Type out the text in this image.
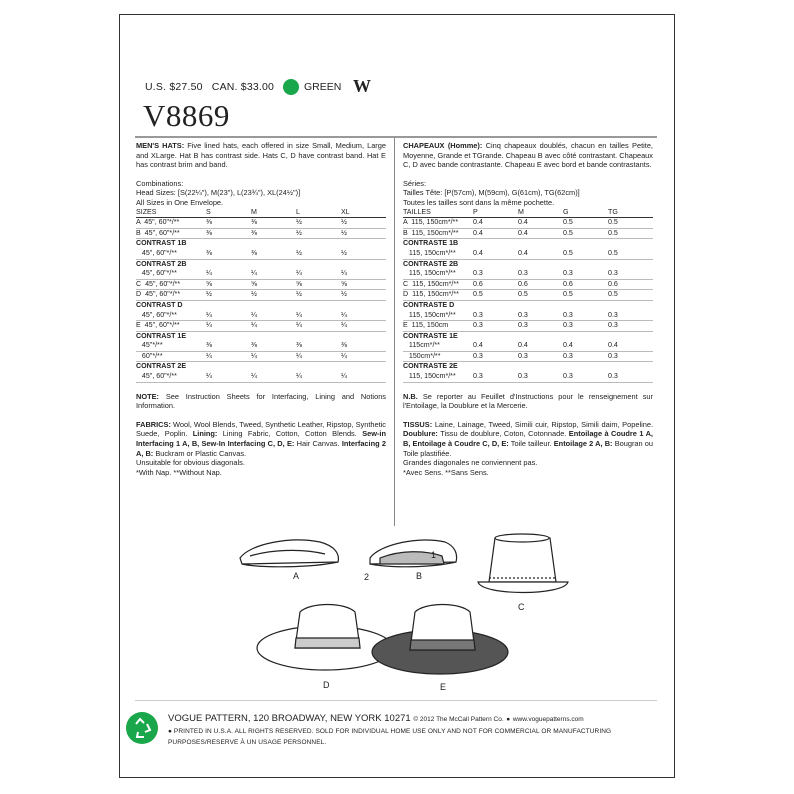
U.S. $27.50 CAN. $33.00	GREEN W
V8869

MEN'S HATS: Five lined hats, each offered in size Small, Medium, Large and XLarge. Hat B has contrast side. Hats C, D have contrast band. Hat E has contrast brim and band.

Combinations:

Head Sizes: [S(22¼"), M(23"), L(23¾"), XL(24½")]

All Sizes in One Envelope.

SIZES	S	M	L	XL
A  45", 60"*/**	⅜	⅜	½	½
B  45", 60"*/**	⅜	⅜	½	½
CONTRAST 1B				
45", 60"*/**	⅜	⅜	½	½
CONTRAST 2B				
45", 60"*/**	¼	¼	¼	¼
C  45", 60"*/**	⅝	⅝	⅝	⅝
D  45", 60"*/**	½	½	½	½
CONTRAST D				
45", 60"*/**	¼	¼	¼	¼
E  45", 60"*/**	¼	¼	¼	¼
CONTRAST 1E				
45"*/**	⅜	⅜	⅜	⅜
60"*/**	¼	¼	¼	¼
CONTRAST 2E				
45", 60"*/**	¼	¼	¼	¼

NOTE: See Instruction Sheets for Interfacing, Lining and Notions Information.

FABRICS: Wool, Wool Blends, Tweed, Synthetic Leather, Ripstop, Synthetic Suede, Poplin. Lining: Lining Fabric, Cotton, Cotton Blends. Sew-in Interfacing 1 A, B, Sew-In Interfacing C, D, E: Hair Canvas. Interfacing 2 A, B: Buckram or Plastic Canvas.

Unsuitable for obvious diagonals.

*With Nap. **Without Nap.

CHAPEAUX (Homme): Cinq chapeaux doublés, chacun en tailles Petite, Moyenne, Grande et TGrande. Chapeau B avec côté contrastant. Chapeaux C, D avec bande contrastante. Chapeau E avec bord et bande contrastants.

Séries:

Tailles Tête: [P(57cm), M(59cm), G(61cm), TG(62cm)]

Toutes les tailles sont dans la même pochette.

TAILLES	P	M	G	TG
A  115, 150cm*/**	0.4	0.4	0.5	0.5
B  115, 150cm*/**	0.4	0.4	0.5	0.5
CONTRASTE 1B				
115, 150cm*/**	0.4	0.4	0.5	0.5
CONTRASTE 2B				
115, 150cm*/**	0.3	0.3	0.3	0.3
C  115, 150cm*/**	0.6	0.6	0.6	0.6
D  115, 150cm*/**	0.5	0.5	0.5	0.5
CONTRASTE D				
115, 150cm*/**	0.3	0.3	0.3	0.3
E  115, 150cm	0.3	0.3	0.3	0.3
CONTRASTE 1E				
115cm*/**	0.4	0.4	0.4	0.4
150cm*/**	0.3	0.3	0.3	0.3
CONTRASTE 2E				
115, 150cm*/**	0.3	0.3	0.3	0.3

N.B. Se reporter au Feuillet d'Instructions pour le renseignement sur l'Entoilage, la Doublure et la Mercerie.

TISSUS: Laine, Lainage, Tweed, Simili cuir, Ripstop, Simili daim, Popeline. Doublure: Tissu de doublure, Coton, Cotonnade. Entoilage à Coudre 1 A, B, Entoilage à Coudre C, D, E: Toile tailleur. Entoilage 2 A, B: Bougran ou Toile plastifiée.

Grandes diagonales ne conviennent pas.

*Avec Sens. **Sans Sens.

A	B
C
D	E
1
2
VOGUE PATTERN, 120 BROADWAY, NEW YORK 10271 © 2012 The McCall Pattern Co. ● www.voguepatterns.com
● PRINTED IN U.S.A. ALL RIGHTS RESERVED. SOLD FOR INDIVIDUAL HOME USE ONLY AND NOT FOR COMMERCIAL OR MANUFACTURING PURPOSES/RESERVE À UN USAGE PERSONNEL.
